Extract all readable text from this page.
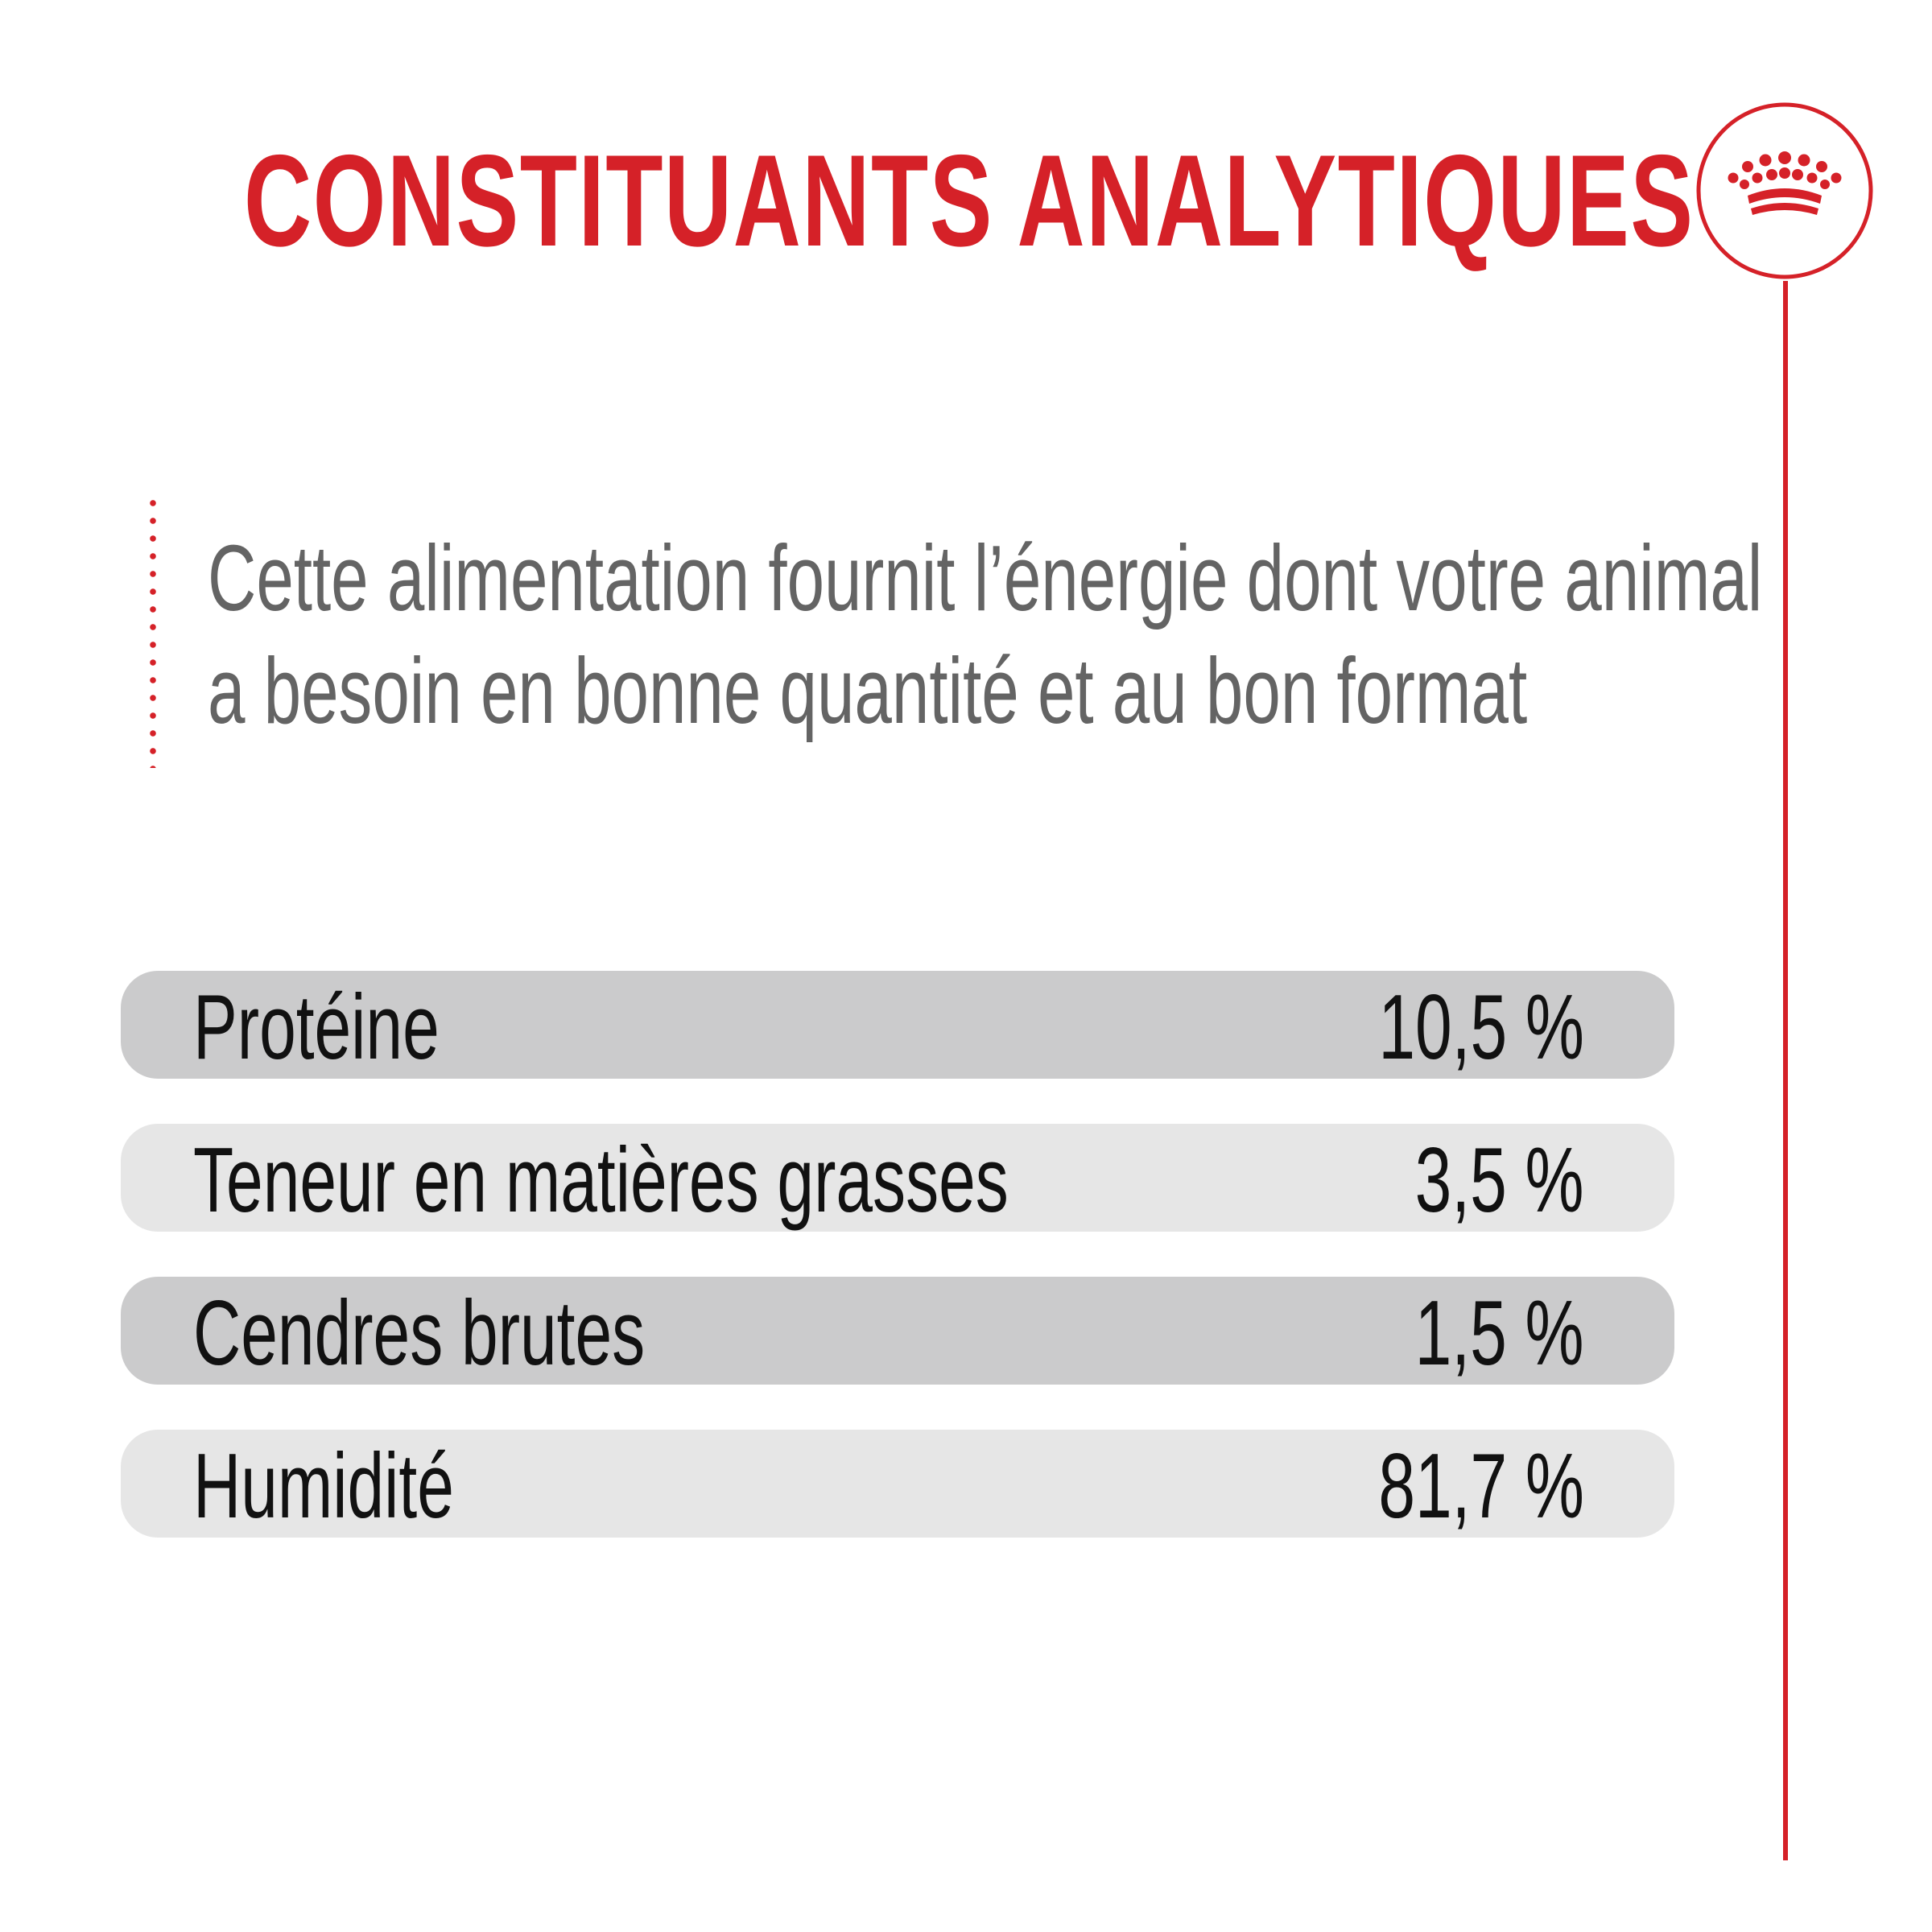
CONSTITUANTS ANALYTIQUES

Cette alimentation fournit l’énergie dont votre animal
a besoin en bonne quantité et au bon format

Protéine	10,5 %
Teneur en matières grasses	3,5 %
Cendres brutes	1,5 %
Humidité	81,7 %
